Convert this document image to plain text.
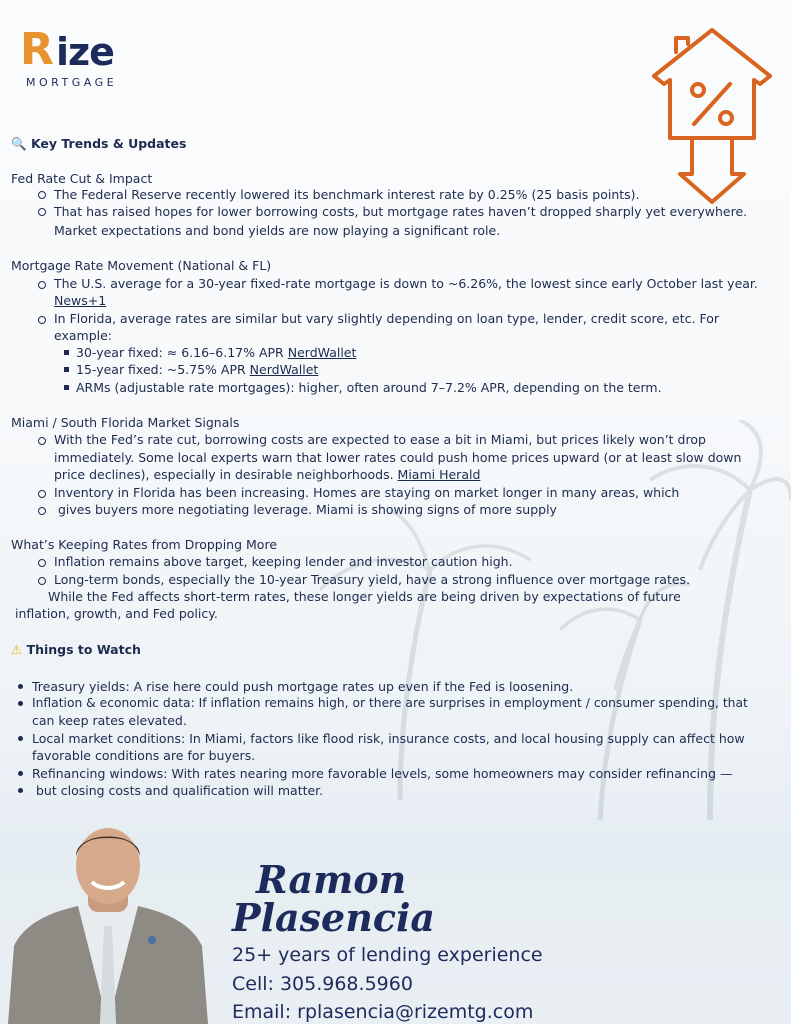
R ize
MORTGAGE
🔍 Key Trends & Updates
Fed Rate Cut & Impact
The Federal Reserve recently lowered its benchmark interest rate by 0.25% (25 basis points).
That has raised hopes for lower borrowing costs, but mortgage rates haven’t dropped sharply yet everywhere.
Market expectations and bond yields are now playing a significant role.
Mortgage Rate Movement (National & FL)
The U.S. average for a 30-year fixed-rate mortgage is down to ~6.26%, the lowest since early October last year.
News+1
In Florida, average rates are similar but vary slightly depending on loan type, lender, credit score, etc. For
example:
30-year fixed: ≈ 6.16–6.17% APR NerdWallet
15-year fixed: ~5.75% APR NerdWallet
ARMs (adjustable rate mortgages): higher, often around 7–7.2% APR, depending on the term.
Miami / South Florida Market Signals
With the Fed’s rate cut, borrowing costs are expected to ease a bit in Miami, but prices likely won’t drop
immediately. Some local experts warn that lower rates could push home prices upward (or at least slow down
price declines), especially in desirable neighborhoods. Miami Herald
Inventory in Florida has been increasing. Homes are staying on market longer in many areas, which
gives buyers more negotiating leverage. Miami is showing signs of more supply
What’s Keeping Rates from Dropping More
Inflation remains above target, keeping lender and investor caution high.
Long-term bonds, especially the 10-year Treasury yield, have a strong influence over mortgage rates.
While the Fed affects short-term rates, these longer yields are being driven by expectations of future
inflation, growth, and Fed policy.
⚠ Things to Watch
Treasury yields: A rise here could push mortgage rates up even if the Fed is loosening.
Inflation & economic data: If inflation remains high, or there are surprises in employment / consumer spending, that
can keep rates elevated.
Local market conditions: In Miami, factors like flood risk, insurance costs, and local housing supply can affect how
favorable conditions are for buyers.
Refinancing windows: With rates nearing more favorable levels, some homeowners may consider refinancing —
but closing costs and qualification will matter.
Ramon
Plasencia
25+ years of lending experience
Cell: 305.968.5960
Email: rplasencia@rizemtg.com
